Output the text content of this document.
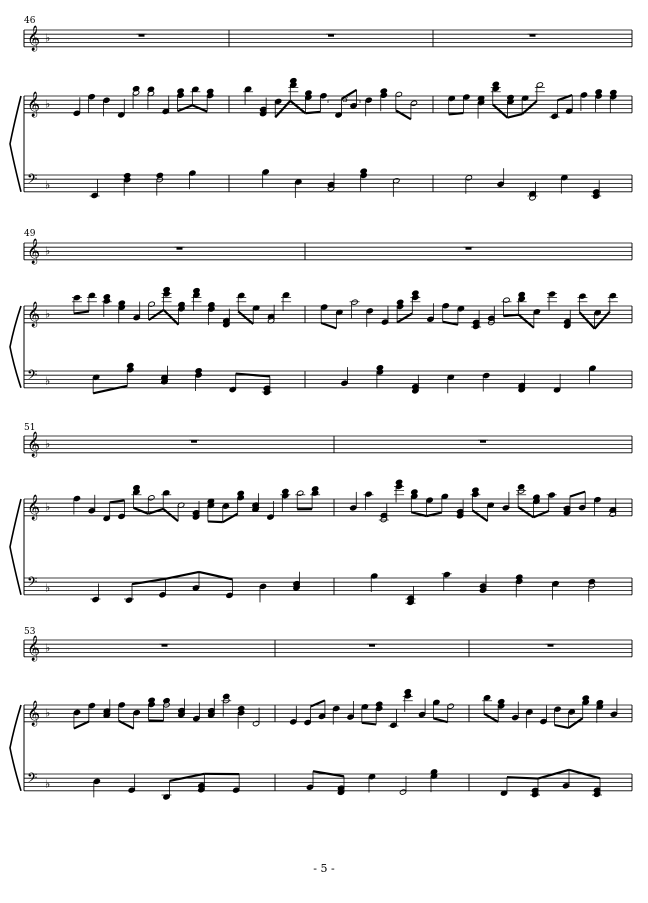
𝄞 ♭
𝄞 ♭
𝄢 ♭
𝄞 ♭
𝄞 ♭
𝄢 ♭
𝄞 ♭
𝄞 ♭
𝄢 ♭
𝄞 ♭
𝄞 ♭
𝄢 ♭
3
46
49
51
53
- 5 -
